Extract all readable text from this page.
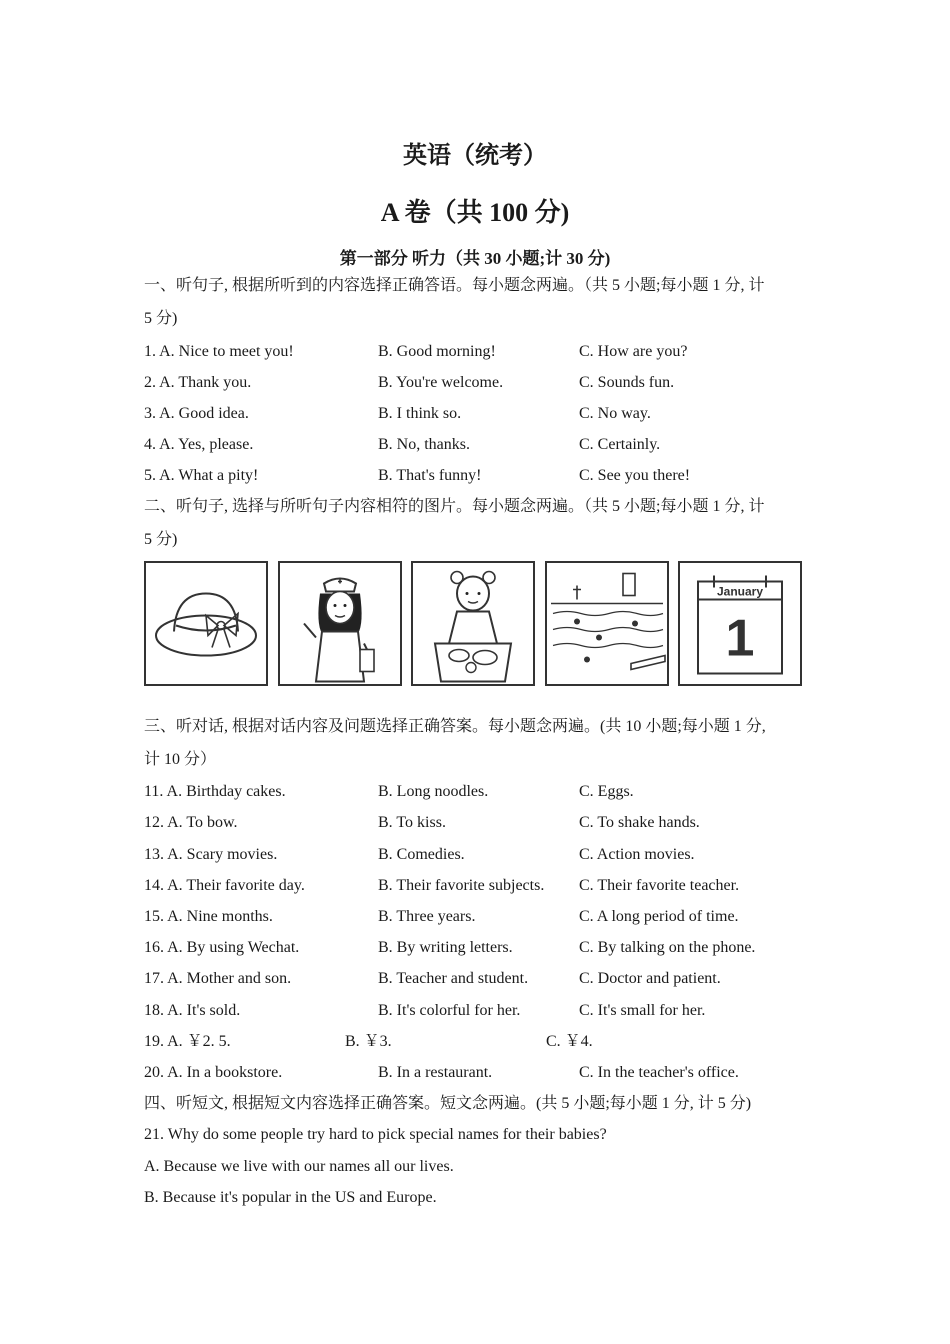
英语（统考）
A 卷（共 100 分)
第一部分 听力（共 30 小题;计 30 分)
一、听句子, 根据所听到的内容选择正确答语。每小题念两遍。（共 5 小题;每小题 1 分, 计
5 分)
1. A. Nice to meet you!	B. Good morning!	C. How are you?
2. A. Thank you.	B. You're welcome.	C. Sounds fun.
3. A. Good idea.	B. I think so.	C. No way.
4. A. Yes, please.	B. No, thanks.	C. Certainly.
5. A. What a pity!	B. That's funny!	C. See you there!
二、听句子, 选择与所听句子内容相符的图片。每小题念两遍。（共 5 小题;每小题 1 分, 计
5 分)
January
1
三、听对话, 根据对话内容及问题选择正确答案。每小题念两遍。(共 10 小题;每小题 1 分,
计 10 分）
11. A. Birthday cakes.	B. Long noodles.	C. Eggs.
12. A. To bow.	B. To kiss.	C. To shake hands.
13. A. Scary movies.	B. Comedies.	C. Action movies.
14. A. Their favorite day.	B. Their favorite subjects. C. Their favorite teacher.
15. A. Nine months.	B. Three years.	C. A long period of time.
16. A. By using Wechat.	B. By writing letters.	C. By talking on the phone.
17. A. Mother and son.	B. Teacher and student.	C. Doctor and patient.
18. A. It's sold.	B. It's colorful for her.	C. It's small for her.
19. A. ￥2. 5.	B. ￥3.	C. ￥4.
20. A. In a bookstore.	B. In a restaurant.	C. In the teacher's office.
四、听短文, 根据短文内容选择正确答案。短文念两遍。(共 5 小题;每小题 1 分, 计 5 分)
21. Why do some people try hard to pick special names for their babies?
A. Because we live with our names all our lives.
B. Because it's popular in the US and Europe.
